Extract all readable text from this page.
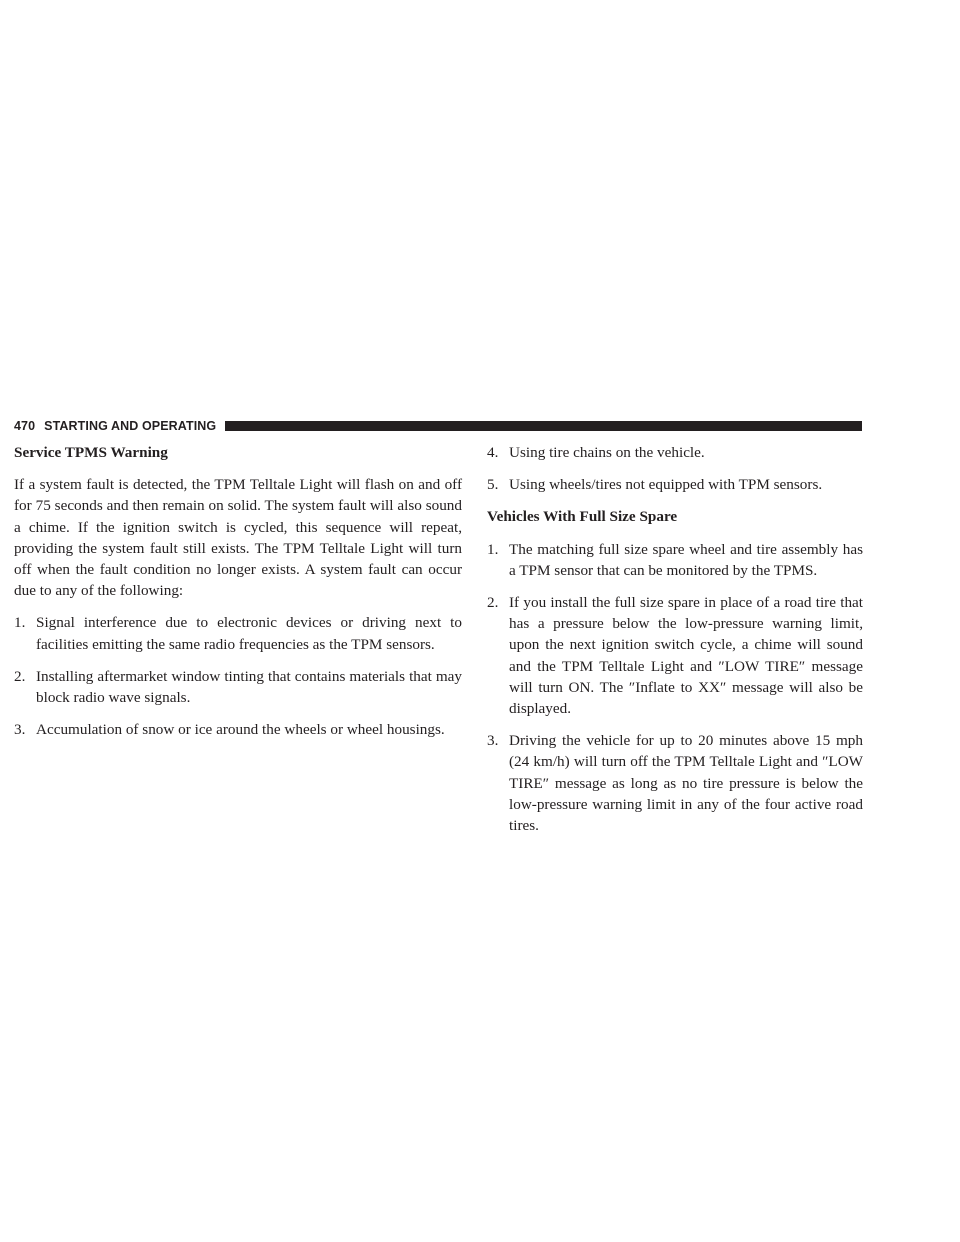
470 STARTING AND OPERATING
Service TPMS Warning

If a system fault is detected, the TPM Telltale Light will flash on and off for 75 seconds and then remain on solid. The system fault will also sound a chime. If the ignition switch is cycled, this sequence will repeat, providing the system fault still exists. The TPM Telltale Light will turn off when the fault condition no longer exists. A system fault can occur due to any of the following:

1. Signal interference due to electronic devices or driving next to facilities emitting the same radio frequencies as the TPM sensors.
2. Installing aftermarket window tinting that contains materials that may block radio wave signals.
3. Accumulation of snow or ice around the wheels or wheel housings.
4. Using tire chains on the vehicle.
5. Using wheels/tires not equipped with TPM sensors.
Vehicles With Full Size Spare
1. The matching full size spare wheel and tire assembly has a TPM sensor that can be monitored by the TPMS.
2. If you install the full size spare in place of a road tire that has a pressure below the low-pressure warning limit, upon the next ignition switch cycle, a chime will sound and the TPM Telltale Light and ″LOW TIRE″ message will turn ON. The ″Inflate to XX″ message will also be displayed.
3. Driving the vehicle for up to 20 minutes above 15 mph (24 km/h) will turn off the TPM Telltale Light and ″LOW TIRE″ message as long as no tire pressure is below the low-pressure warning limit in any of the four active road tires.
